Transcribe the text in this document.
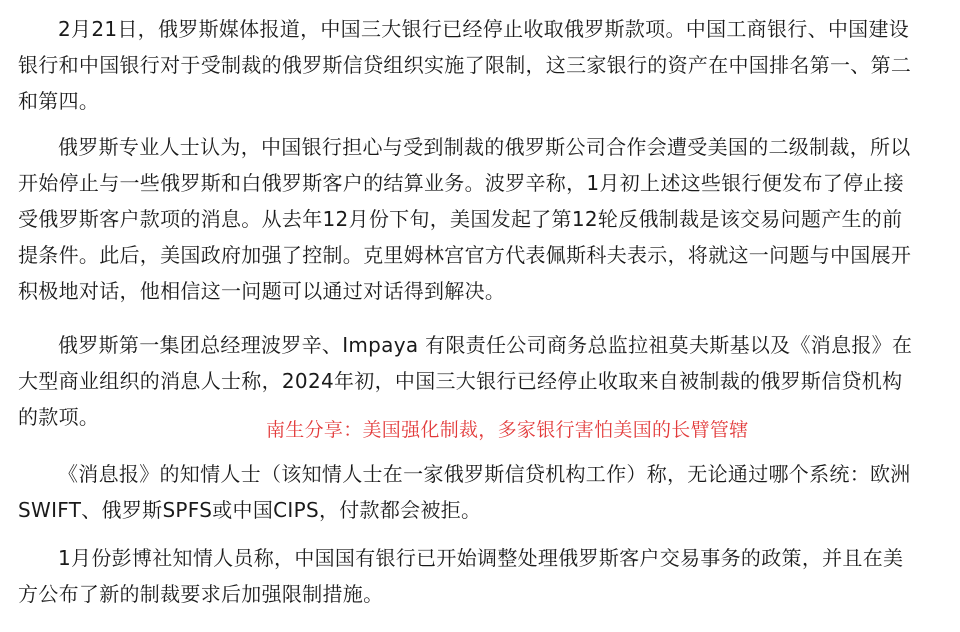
2月21日，俄罗斯媒体报道，中国三大银行已经停止收取俄罗斯款项。中国工商银行、中国建设银行和中国银行对于受制裁的俄罗斯信贷组织实施了限制，这三家银行的资产在中国排名第一、第二和第四。

俄罗斯专业人士认为，中国银行担心与受到制裁的俄罗斯公司合作会遭受美国的二级制裁，所以开始停止与一些俄罗斯和白俄罗斯客户的结算业务。波罗辛称，1月初上述这些银行便发布了停止接受俄罗斯客户款项的消息。从去年12月份下旬，美国发起了第12轮反俄制裁是该交易问题产生的前提条件。此后，美国政府加强了控制。克里姆林宫官方代表佩斯科夫表示，将就这一问题与中国展开积极地对话，他相信这一问题可以通过对话得到解决。

俄罗斯第一集团总经理波罗辛、Impaya 有限责任公司商务总监拉祖莫夫斯基以及《消息报》在大型商业组织的消息人士称，2024年初，中国三大银行已经停止收取来自被制裁的俄罗斯信贷机构的款项。

《消息报》的知情人士（该知情人士在一家俄罗斯信贷机构工作）称，无论通过哪个系统：欧洲SWIFT、俄罗斯SPFS或中国CIPS，付款都会被拒。

1月份彭博社知情人员称，中国国有银行已开始调整处理俄罗斯客户交易事务的政策，并且在美方公布了新的制裁要求后加强限制措施。

南生分享：美国强化制裁，多家银行害怕美国的长臂管辖
